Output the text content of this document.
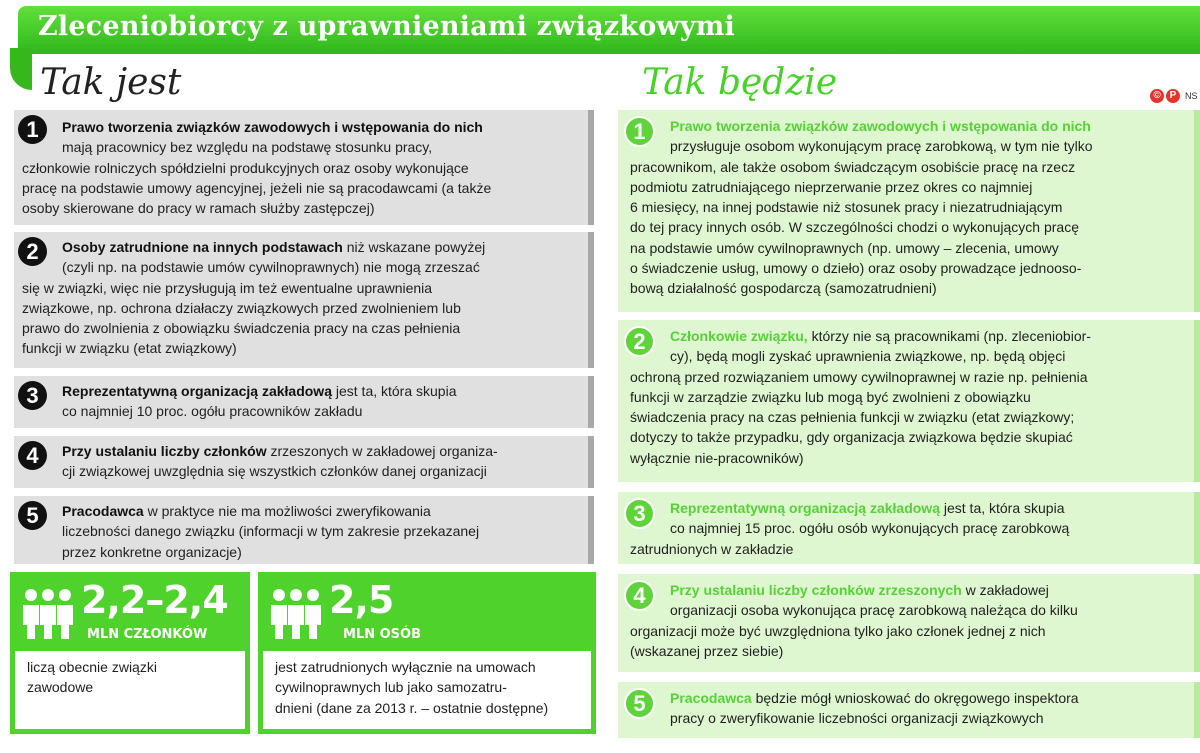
Zleceniobiorcy z uprawnieniami związkowymi
Tak jest	Tak będzie	© P NS
1	Prawo tworzenia związków zawodowych i wstępowania do nich
mają pracownicy bez względu na podstawę stosunku pracy,
członkowie rolniczych spółdzielni produkcyjnych oraz osoby wykonujące
pracę na podstawie umowy agencyjnej, jeżeli nie są pracodawcami (a także
osoby skierowane do pracy w ramach służby zastępczej)
2	Osoby zatrudnione na innych podstawach niż wskazane powyżej
(czyli np. na podstawie umów cywilnoprawnych) nie mogą zrzeszać
się w związki, więc nie przysługują im też ewentualne uprawnienia
związkowe, np. ochrona działaczy związkowych przed zwolnieniem lub
prawo do zwolnienia z obowiązku świadczenia pracy na czas pełnienia
funkcji w związku (etat związkowy)
3	Reprezentatywną organizacją zakładową jest ta, która skupia
co najmniej 10 proc. ogółu pracowników zakładu
4	Przy ustalaniu liczby członków zrzeszonych w zakładowej organiza-
cji związkowej uwzględnia się wszystkich członków danej organizacji
5	Pracodawca w praktyce nie ma możliwości zweryfikowania
liczebności danego związku (informacji w tym zakresie przekazanej
przez konkretne organizacje)
2,2–2,4
MLN CZŁONKÓW
liczą obecnie związki
zawodowe
2,5
MLN OSÓB
jest zatrudnionych wyłącznie na umowach
cywilnoprawnych lub jako samozatru-
dnieni (dane za 2013 r. – ostatnie dostępne)
1	Prawo tworzenia związków zawodowych i wstępowania do nich
przysługuje osobom wykonującym pracę zarobkową, w tym nie tylko
pracownikom, ale także osobom świadczącym osobiście pracę na rzecz
podmiotu zatrudniającego nieprzerwanie przez okres co najmniej
6 miesięcy, na innej podstawie niż stosunek pracy i niezatrudniającym
do tej pracy innych osób. W szczególności chodzi o wykonujących pracę
na podstawie umów cywilnoprawnych (np. umowy – zlecenia, umowy
o świadczenie usług, umowy o dzieło) oraz osoby prowadzące jednooso-
bową działalność gospodarczą (samozatrudnieni)
2	Członkowie związku, którzy nie są pracownikami (np. zleceniobior-
cy), będą mogli zyskać uprawnienia związkowe, np. będą objęci
ochroną przed rozwiązaniem umowy cywilnoprawnej w razie np. pełnienia
funkcji w zarządzie związku lub mogą być zwolnieni z obowiązku
świadczenia pracy na czas pełnienia funkcji w związku (etat związkowy;
dotyczy to także przypadku, gdy organizacja związkowa będzie skupiać
wyłącznie nie-pracowników)
3	Reprezentatywną organizacją zakładową jest ta, która skupia
co najmniej 15 proc. ogółu osób wykonujących pracę zarobkową
zatrudnionych w zakładzie
4	Przy ustalaniu liczby członków zrzeszonych w zakładowej
organizacji osoba wykonująca pracę zarobkową należąca do kilku
organizacji może być uwzględniona tylko jako członek jednej z nich
(wskazanej przez siebie)
5	Pracodawca będzie mógł wnioskować do okręgowego inspektora
pracy o zweryfikowanie liczebności organizacji związkowych
